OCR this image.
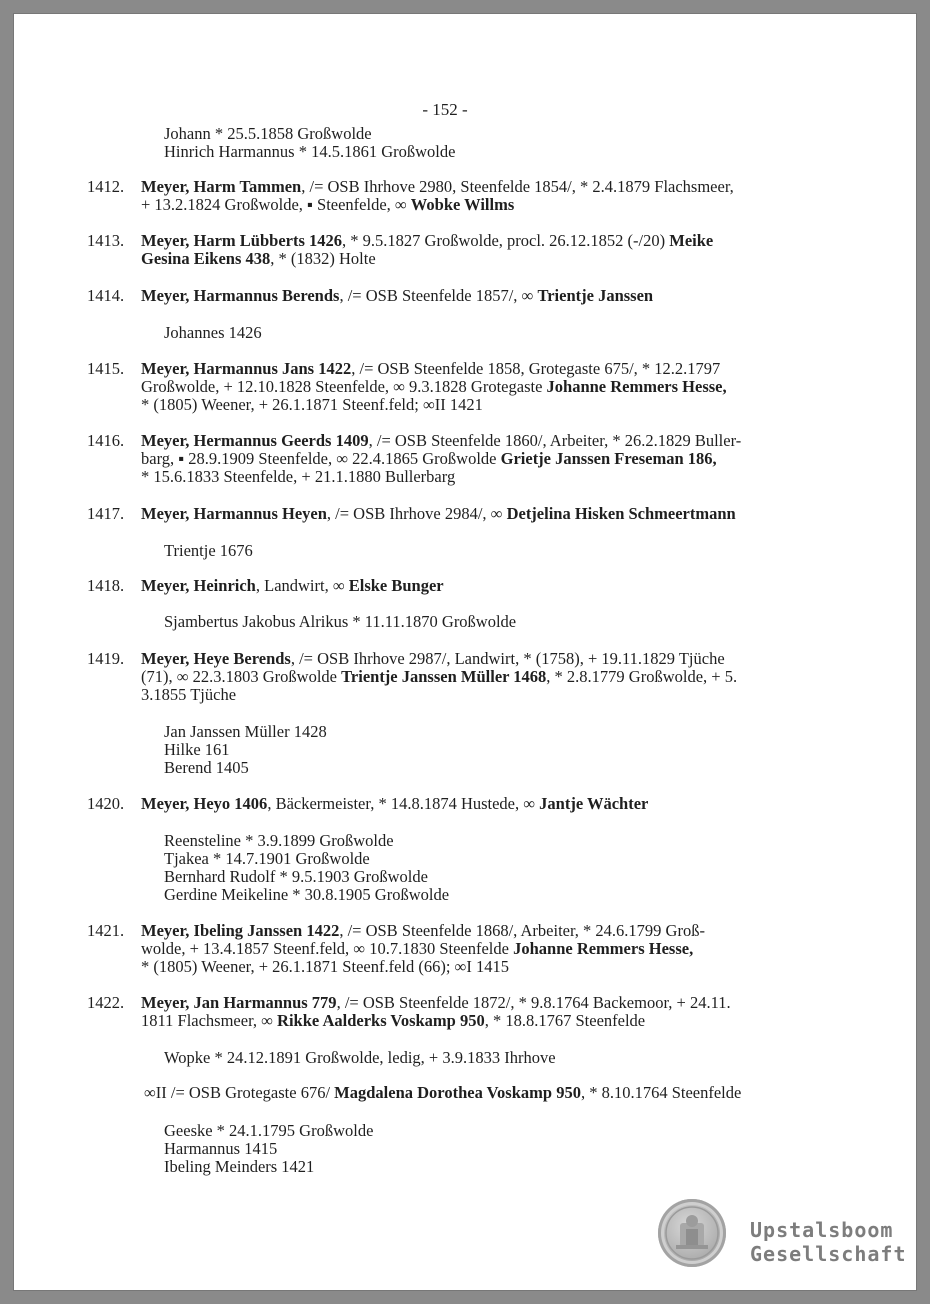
- 152 -
Johann * 25.5.1858 Großwolde
Hinrich Harmannus * 14.5.1861 Großwolde
1412. Meyer, Harm Tammen, /= OSB Ihrhove 2980, Steenfelde 1854/, * 2.4.1879 Flachsmeer,
+ 13.2.1824 Großwolde, ▪ Steenfelde, ∞ Wobke Willms
1413. Meyer, Harm Lübberts 1426, * 9.5.1827 Großwolde, procl. 26.12.1852 (-/20) Meike
Gesina Eikens 438, * (1832) Holte
1414. Meyer, Harmannus Berends, /= OSB Steenfelde 1857/, ∞ Trientje Janssen
Johannes 1426
1415. Meyer, Harmannus Jans 1422, /= OSB Steenfelde 1858, Grotegaste 675/, * 12.2.1797
Großwolde, + 12.10.1828 Steenfelde, ∞ 9.3.1828 Grotegaste Johanne Remmers Hesse,
* (1805) Weener, + 26.1.1871 Steenf.feld; ∞II 1421
1416. Meyer, Hermannus Geerds 1409, /= OSB Steenfelde 1860/, Arbeiter, * 26.2.1829 Buller-
barg, ▪ 28.9.1909 Steenfelde, ∞ 22.4.1865 Großwolde Grietje Janssen Freseman 186,
* 15.6.1833 Steenfelde, + 21.1.1880 Bullerbarg
1417. Meyer, Harmannus Heyen, /= OSB Ihrhove 2984/, ∞ Detjelina Hisken Schmeertmann
Trientje 1676
1418. Meyer, Heinrich, Landwirt, ∞ Elske Bunger
Sjambertus Jakobus Alrikus * 11.11.1870 Großwolde
1419. Meyer, Heye Berends, /= OSB Ihrhove 2987/, Landwirt, * (1758), + 19.11.1829 Tjüche
(71), ∞ 22.3.1803 Großwolde Trientje Janssen Müller 1468, * 2.8.1779 Großwolde, + 5.
3.1855 Tjüche
Jan Janssen Müller 1428
Hilke 161
Berend 1405
1420. Meyer, Heyo 1406, Bäckermeister, * 14.8.1874 Hustede, ∞ Jantje Wächter
Reensteline * 3.9.1899 Großwolde
Tjakea * 14.7.1901 Großwolde
Bernhard Rudolf * 9.5.1903 Großwolde
Gerdine Meikeline * 30.8.1905 Großwolde
1421. Meyer, Ibeling Janssen 1422, /= OSB Steenfelde 1868/, Arbeiter, * 24.6.1799 Groß-
wolde, + 13.4.1857 Steenf.feld, ∞ 10.7.1830 Steenfelde Johanne Remmers Hesse,
* (1805) Weener, + 26.1.1871 Steenf.feld (66); ∞I 1415
1422. Meyer, Jan Harmannus 779, /= OSB Steenfelde 1872/, * 9.8.1764 Backemoor, + 24.11.
1811 Flachsmeer, ∞ Rikke Aalderks Voskamp 950, * 18.8.1767 Steenfelde
Wopke * 24.12.1891 Großwolde, ledig, + 3.9.1833 Ihrhove
∞II /= OSB Grotegaste 676/ Magdalena Dorothea Voskamp 950, * 8.10.1764 Steenfelde
Geeske * 24.1.1795 Großwolde
Harmannus 1415
Ibeling Meinders 1421
Upstalsboom
Gesellschaft
